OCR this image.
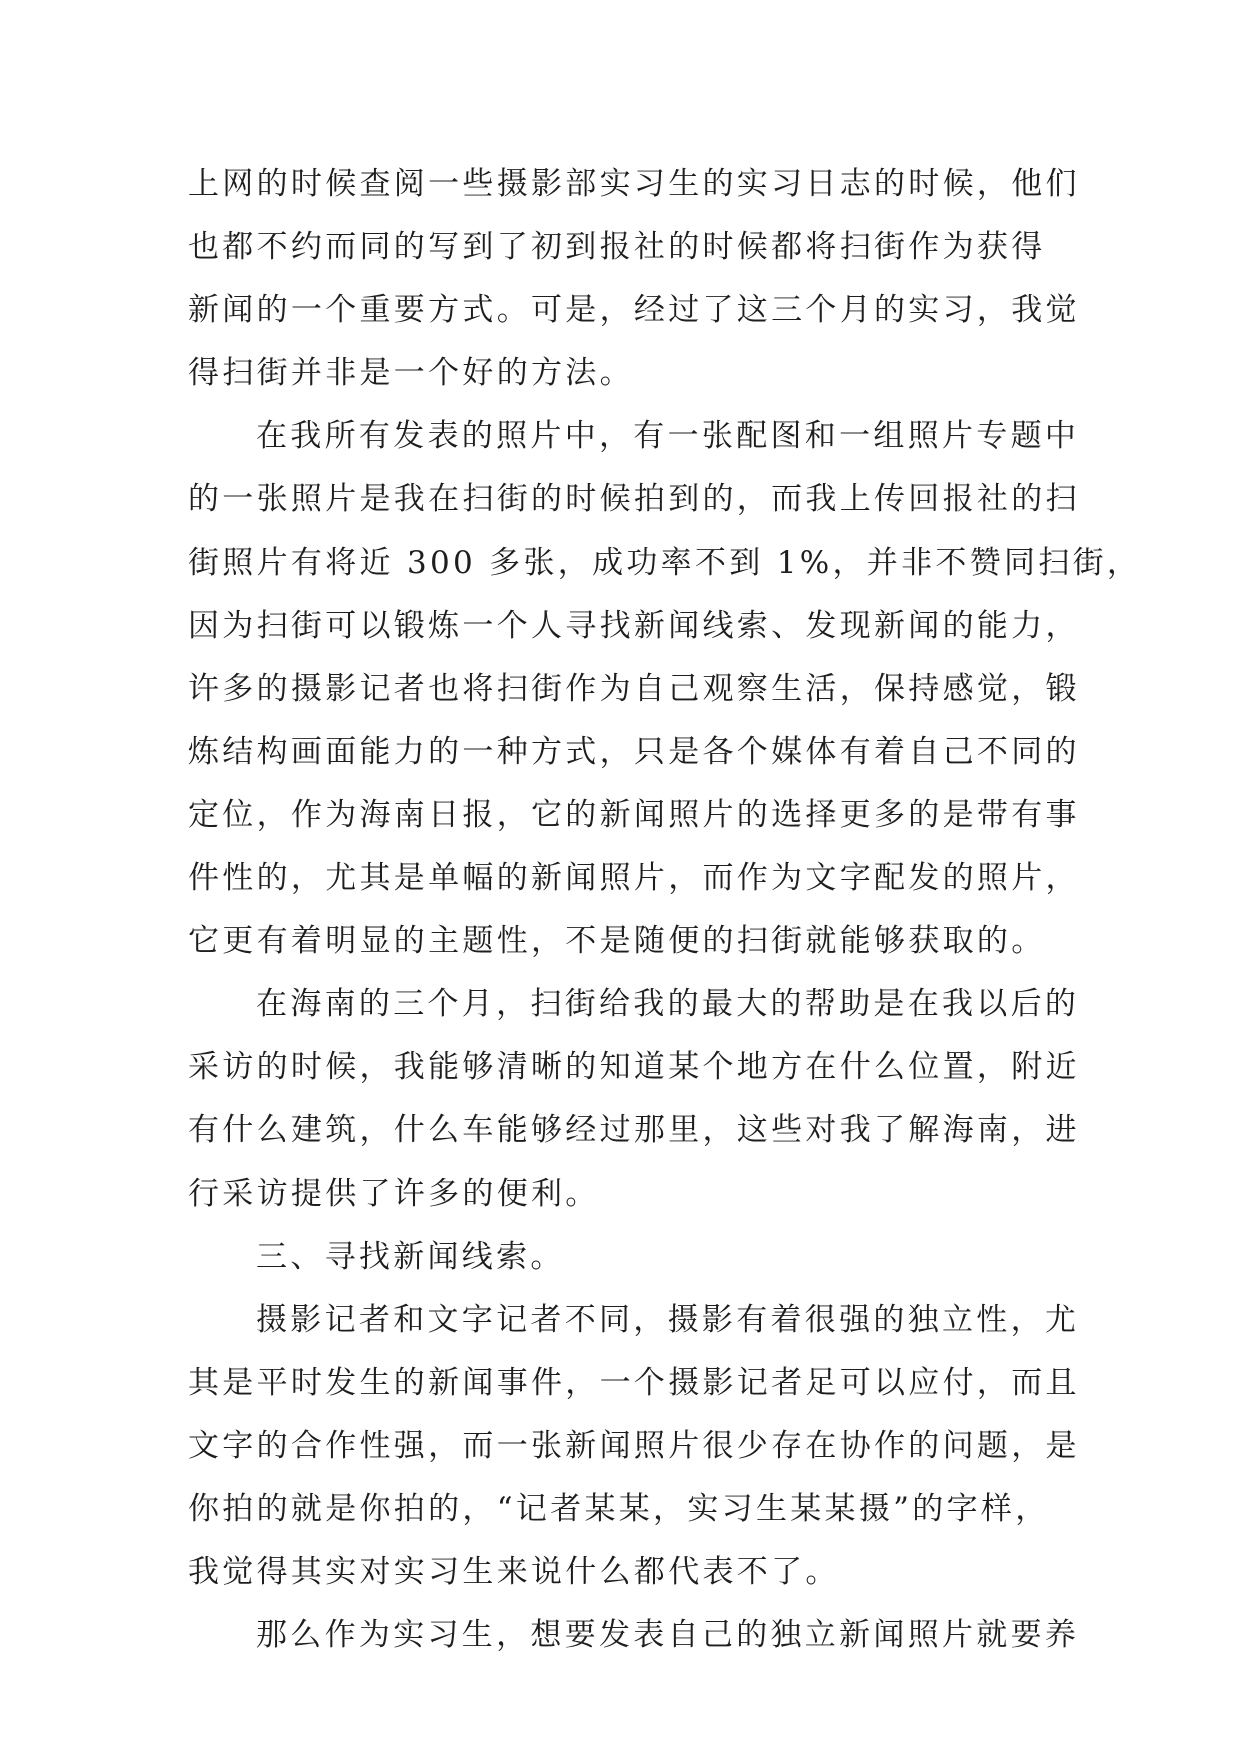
上网的时候查阅一些摄影部实习生的实习日志的时候，他们
也都不约而同的写到了初到报社的时候都将扫街作为获得
新闻的一个重要方式。可是，经过了这三个月的实习，我觉
得扫街并非是一个好的方法。
在我所有发表的照片中，有一张配图和一组照片专题中
的一张照片是我在扫街的时候拍到的，而我上传回报社的扫
街照片有将近 300 多张，成功率不到 1%，并非不赞同扫街，
因为扫街可以锻炼一个人寻找新闻线索、发现新闻的能力，
许多的摄影记者也将扫街作为自己观察生活，保持感觉，锻
炼结构画面能力的一种方式，只是各个媒体有着自己不同的
定位，作为海南日报，它的新闻照片的选择更多的是带有事
件性的，尤其是单幅的新闻照片，而作为文字配发的照片，
它更有着明显的主题性，不是随便的扫街就能够获取的。
在海南的三个月，扫街给我的最大的帮助是在我以后的
采访的时候，我能够清晰的知道某个地方在什么位置，附近
有什么建筑，什么车能够经过那里，这些对我了解海南，进
行采访提供了许多的便利。
三、寻找新闻线索。
摄影记者和文字记者不同，摄影有着很强的独立性，尤
其是平时发生的新闻事件，一个摄影记者足可以应付，而且
文字的合作性强，而一张新闻照片很少存在协作的问题，是
你拍的就是你拍的，“记者某某，实习生某某摄”的字样，
我觉得其实对实习生来说什么都代表不了。
那么作为实习生，想要发表自己的独立新闻照片就要养
